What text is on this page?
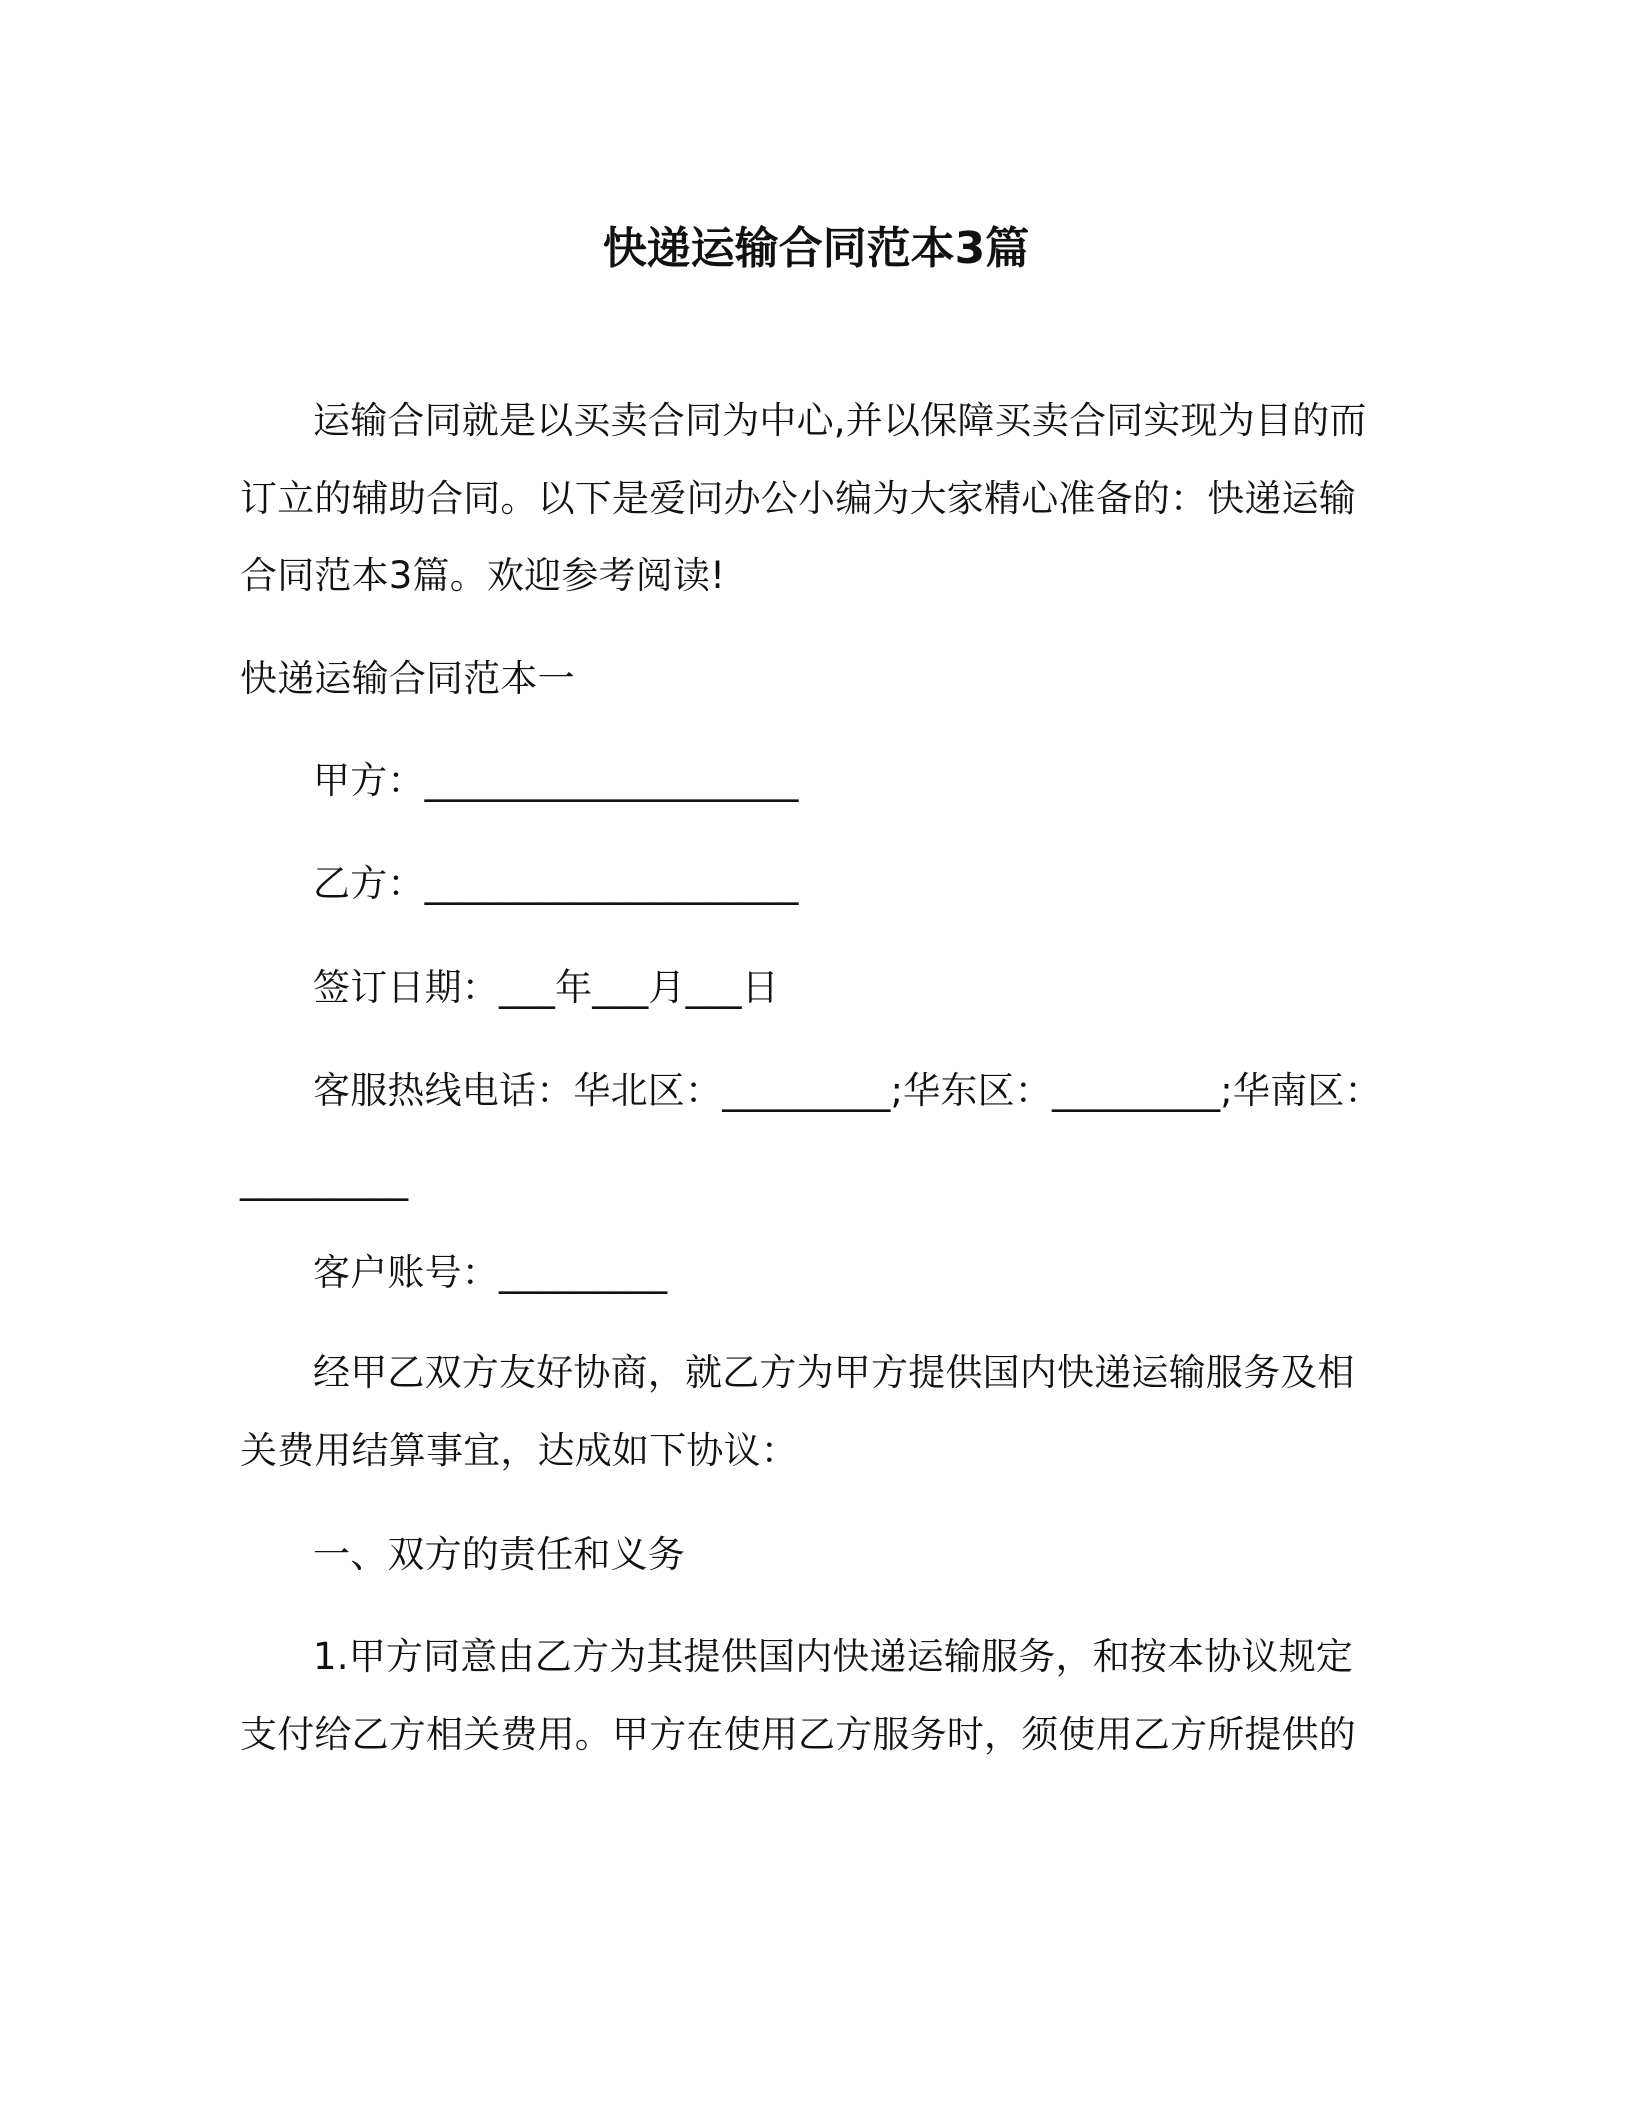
快递运输合同范本3篇
运输合同就是以买卖合同为中心,并以保障买卖合同实现为目的而
订立的辅助合同。以下是爱问办公小编为大家精心准备的：快递运输
合同范本3篇。欢迎参考阅读!
快递运输合同范本一
甲方：____________________
乙方：____________________
签订日期：___年___月___日
客服热线电话：华北区：_________;华东区：_________;华南区：
_________
客户账号：_________
经甲乙双方友好协商，就乙方为甲方提供国内快递运输服务及相
关费用结算事宜，达成如下协议：
一、双方的责任和义务
1.甲方同意由乙方为其提供国内快递运输服务，和按本协议规定
支付给乙方相关费用。甲方在使用乙方服务时，须使用乙方所提供的
